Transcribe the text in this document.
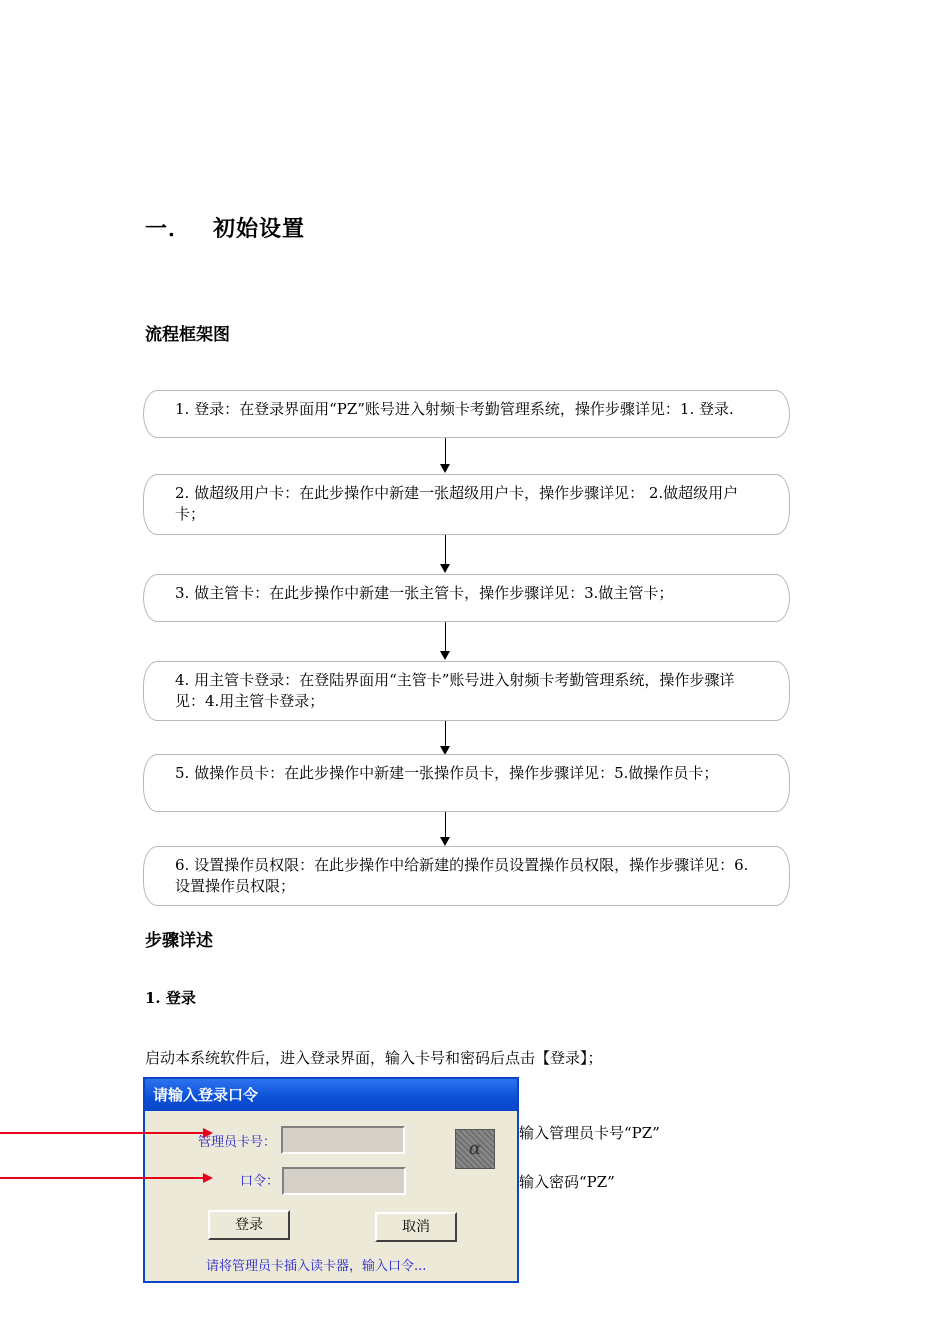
一． 初始设置
流程框架图
1. 登录：在登录界面用“PZ”账号进入射频卡考勤管理系统，操作步骤详见：1. 登录.
2. 做超级用户卡：在此步操作中新建一张超级用户卡，操作步骤详见： 2.做超级用户卡；
3. 做主管卡：在此步操作中新建一张主管卡，操作步骤详见：3.做主管卡；
4. 用主管卡登录：在登陆界面用“主管卡”账号进入射频卡考勤管理系统，操作步骤详见：4.用主管卡登录；
5. 做操作员卡：在此步操作中新建一张操作员卡，操作步骤详见：5.做操作员卡；
6. 设置操作员权限：在此步操作中给新建的操作员设置操作员权限，操作步骤详见：6.设置操作员权限；
步骤详述
1. 登录
启动本系统软件后，进入登录界面，输入卡号和密码后点击【登录】；
请输入登录口令
管理员卡号：
口令：
α
登录	取消
请将管理员卡插入读卡器，输入口令...
输入管理员卡号“PZ”
输入密码“PZ”
